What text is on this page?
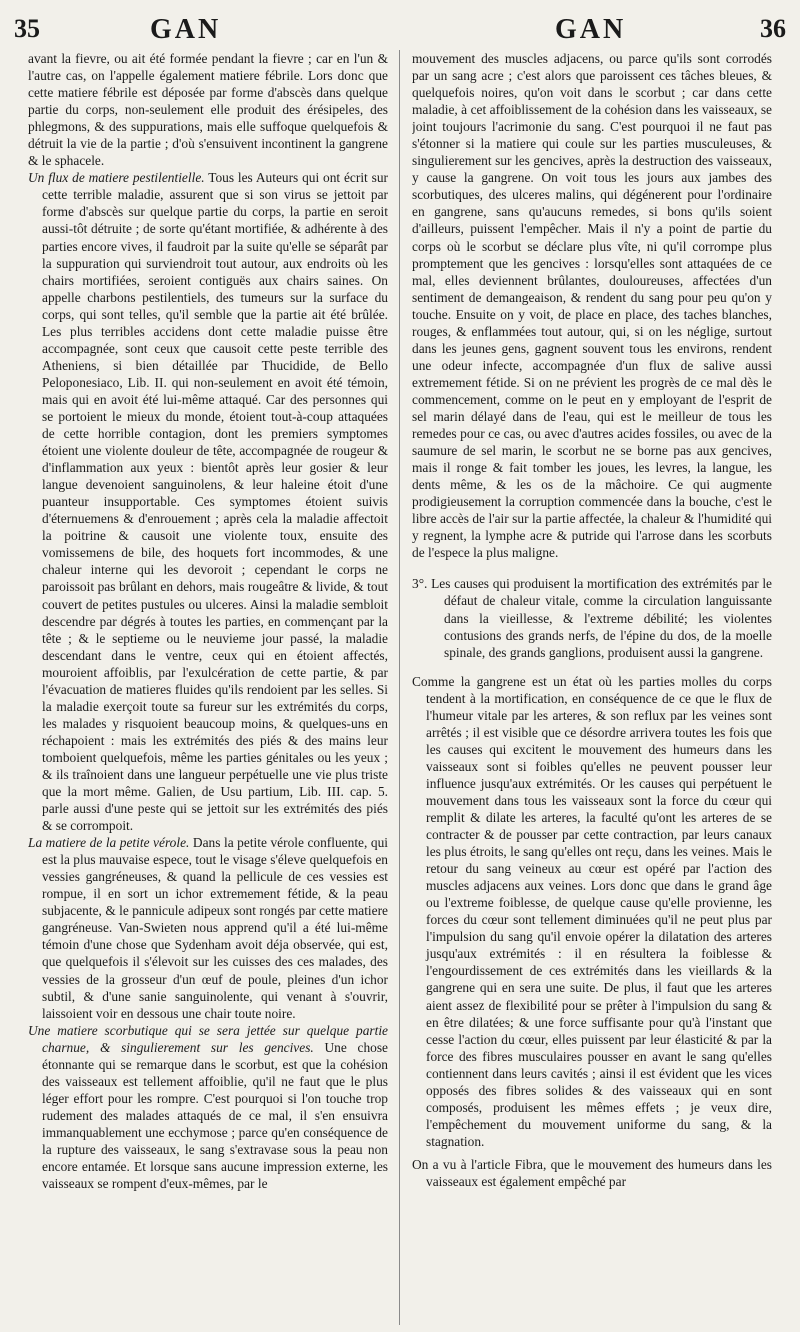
35	GAN	GAN	36

avant la fievre, ou ait été formée pendant la fievre ; car en l'un & l'autre cas, on l'appelle également matiere fébrile. Lors donc que cette matiere fébrile est déposée par forme d'abscès dans quelque partie du corps, non-seulement elle produit des érésipeles, des phlegmons, & des suppurations, mais elle suffoque quelquefois & détruit la vie de la partie ; d'où s'ensuivent incontinent la gangrene & le sphacele.

Un flux de matiere pestilentielle. Tous les Auteurs qui ont écrit sur cette terrible maladie, assurent que si son virus se jettoit par forme d'abscès sur quelque partie du corps, la partie en seroit aussi-tôt détruite ; de sorte qu'étant mortifiée, & adhérente à des parties encore vives, il faudroit par la suite qu'elle se séparât par la suppuration qui surviendroit tout autour, aux endroits où les chairs mortifiées, seroient contiguës aux chairs saines. On appelle charbons pestilentiels, des tumeurs sur la surface du corps, qui sont telles, qu'il semble que la partie ait été brûlée. Les plus terribles accidens dont cette maladie puisse être accompagnée, sont ceux que causoit cette peste terrible des Atheniens, si bien détaillée par Thucidide, de Bello Peloponesiaco, Lib. II. qui non-seulement en avoit été témoin, mais qui en avoit été lui-même attaqué. Car des personnes qui se portoient le mieux du monde, étoient tout-à-coup attaquées de cette horrible contagion, dont les premiers symptomes étoient une violente douleur de tête, accompagnée de rougeur & d'inflammation aux yeux : bientôt après leur gosier & leur langue devenoient sanguinolens, & leur haleine étoit d'une puanteur insupportable. Ces symptomes étoient suivis d'éternuemens & d'enrouement ; après cela la maladie affectoit la poitrine & causoit une violente toux, ensuite des vomissemens de bile, des hoquets fort incommodes, & une chaleur interne qui les devoroit ; cependant le corps ne paroissoit pas brûlant en dehors, mais rougeâtre & livide, & tout couvert de petites pustules ou ulceres. Ainsi la maladie sembloit descendre par dégrés à toutes les parties, en commençant par la tête ; & le septieme ou le neuvieme jour passé, la maladie descendant dans le ventre, ceux qui en étoient affectés, mouroient affoiblis, par l'exulcération de cette partie, & par l'évacuation de matieres fluides qu'ils rendoient par les selles. Si la maladie exerçoit toute sa fureur sur les extrémités du corps, les malades y risquoient beaucoup moins, & quelques-uns en réchapoient : mais les extrémités des piés & des mains leur tomboient quelquefois, même les parties génitales ou les yeux ; & ils traînoient dans une langueur perpétuelle une vie plus triste que la mort même. Galien, de Usu partium, Lib. III. cap. 5. parle aussi d'une peste qui se jettoit sur les extrémités des piés & se corrompoit.

La matiere de la petite vérole. Dans la petite vérole confluente, qui est la plus mauvaise espece, tout le visage s'éleve quelquefois en vessies gangréneuses, & quand la pellicule de ces vessies est rompue, il en sort un ichor extremement fétide, & la peau subjacente, & le pannicule adipeux sont rongés par cette matiere gangréneuse. Van-Swieten nous apprend qu'il a été lui-même témoin d'une chose que Sydenham avoit déja observée, qui est, que quelquefois il s'élevoit sur les cuisses des ces malades, des vessies de la grosseur d'un œuf de poule, pleines d'un ichor subtil, & d'une sanie sanguinolente, qui venant à s'ouvrir, laissoient voir en dessous une chair toute noire.

Une matiere scorbutique qui se sera jettée sur quelque partie charnue, & singulierement sur les gencives. Une chose étonnante qui se remarque dans le scorbut, est que la cohésion des vaisseaux est tellement affoiblie, qu'il ne faut que le plus léger effort pour les rompre. C'est pourquoi si l'on touche trop rudement des malades attaqués de ce mal, il s'en ensuivra immanquablement une ecchymose ; parce qu'en conséquence de la rupture des vaisseaux, le sang s'extravase sous la peau non encore entamée. Et lorsque sans aucune impression externe, les vaisseaux se rompent d'eux-mêmes, par le

mouvement des muscles adjacens, ou parce qu'ils sont corrodés par un sang acre ; c'est alors que paroissent ces tâches bleues, & quelquefois noires, qu'on voit dans le scorbut ; car dans cette maladie, à cet affoiblissement de la cohésion dans les vaisseaux, se joint toujours l'acrimonie du sang. C'est pourquoi il ne faut pas s'étonner si la matiere qui coule sur les parties musculeuses, & singulierement sur les gencives, après la destruction des vaisseaux, y cause la gangrene. On voit tous les jours aux jambes des scorbutiques, des ulceres malins, qui dégénerent pour l'ordinaire en gangrene, sans qu'aucuns remedes, si bons qu'ils soient d'ailleurs, puissent l'empêcher. Mais il n'y a point de partie du corps où le scorbut se déclare plus vîte, ni qu'il corrompe plus promptement que les gencives : lorsqu'elles sont attaquées de ce mal, elles deviennent brûlantes, douloureuses, affectées d'un sentiment de demangeaison, & rendent du sang pour peu qu'on y touche. Ensuite on y voit, de place en place, des taches blanches, rouges, & enflammées tout autour, qui, si on les néglige, surtout dans les jeunes gens, gagnent souvent tous les environs, rendent une odeur infecte, accompagnée d'un flux de salive aussi extremement fétide. Si on ne prévient les progrès de ce mal dès le commencement, comme on le peut en y employant de l'esprit de sel marin délayé dans de l'eau, qui est le meilleur de tous les remedes pour ce cas, ou avec d'autres acides fossiles, ou avec de la saumure de sel marin, le scorbut ne se borne pas aux gencives, mais il ronge & fait tomber les joues, les levres, la langue, les dents même, & les os de la mâchoire. Ce qui augmente prodigieusement la corruption commencée dans la bouche, c'est le libre accès de l'air sur la partie affectée, la chaleur & l'humidité qui y regnent, la lymphe acre & putride qui l'arrose dans les scorbuts de l'espece la plus maligne.

3°. Les causes qui produisent la mortification des extrémités par le défaut de chaleur vitale, comme la circulation languissante dans la vieillesse, & l'extreme débilité; les violentes contusions des grands nerfs, de l'épine du dos, de la moelle spinale, des grands ganglions, produisent aussi la gangrene.

Comme la gangrene est un état où les parties molles du corps tendent à la mortification, en conséquence de ce que le flux de l'humeur vitale par les arteres, & son reflux par les veines sont arrêtés ; il est visible que ce désordre arrivera toutes les fois que les causes qui excitent le mouvement des humeurs dans les vaisseaux sont si foibles qu'elles ne peuvent pousser leur influence jusqu'aux extrémités. Or les causes qui perpétuent le mouvement dans tous les vaisseaux sont la force du cœur qui remplit & dilate les arteres, la faculté qu'ont les arteres de se contracter & de pousser par cette contraction, par leurs canaux les plus étroits, le sang qu'elles ont reçu, dans les veines. Mais le retour du sang veineux au cœur est opéré par l'action des muscles adjacens aux veines. Lors donc que dans le grand âge ou l'extreme foiblesse, de quelque cause qu'elle provienne, les forces du cœur sont tellement diminuées qu'il ne peut plus par l'impulsion du sang qu'il envoie opérer la dilatation des arteres jusqu'aux extrémités : il en résultera la foiblesse & l'engourdissement de ces extrémités dans les vieillards & la gangrene qui en sera une suite. De plus, il faut que les arteres aient assez de flexibilité pour se prêter à l'impulsion du sang & en être dilatées; & une force suffisante pour qu'à l'instant que cesse l'action du cœur, elles puissent par leur élasticité & par la force des fibres musculaires pousser en avant le sang qu'elles contiennent dans leurs cavités ; ainsi il est évident que les vices opposés des fibres solides & des vaisseaux qui en sont composés, produisent les mêmes effets ; je veux dire, l'empêchement du mouvement uniforme du sang, & la stagnation.

On a vu à l'article Fibra, que le mouvement des humeurs dans les vaisseaux est également empêché par
